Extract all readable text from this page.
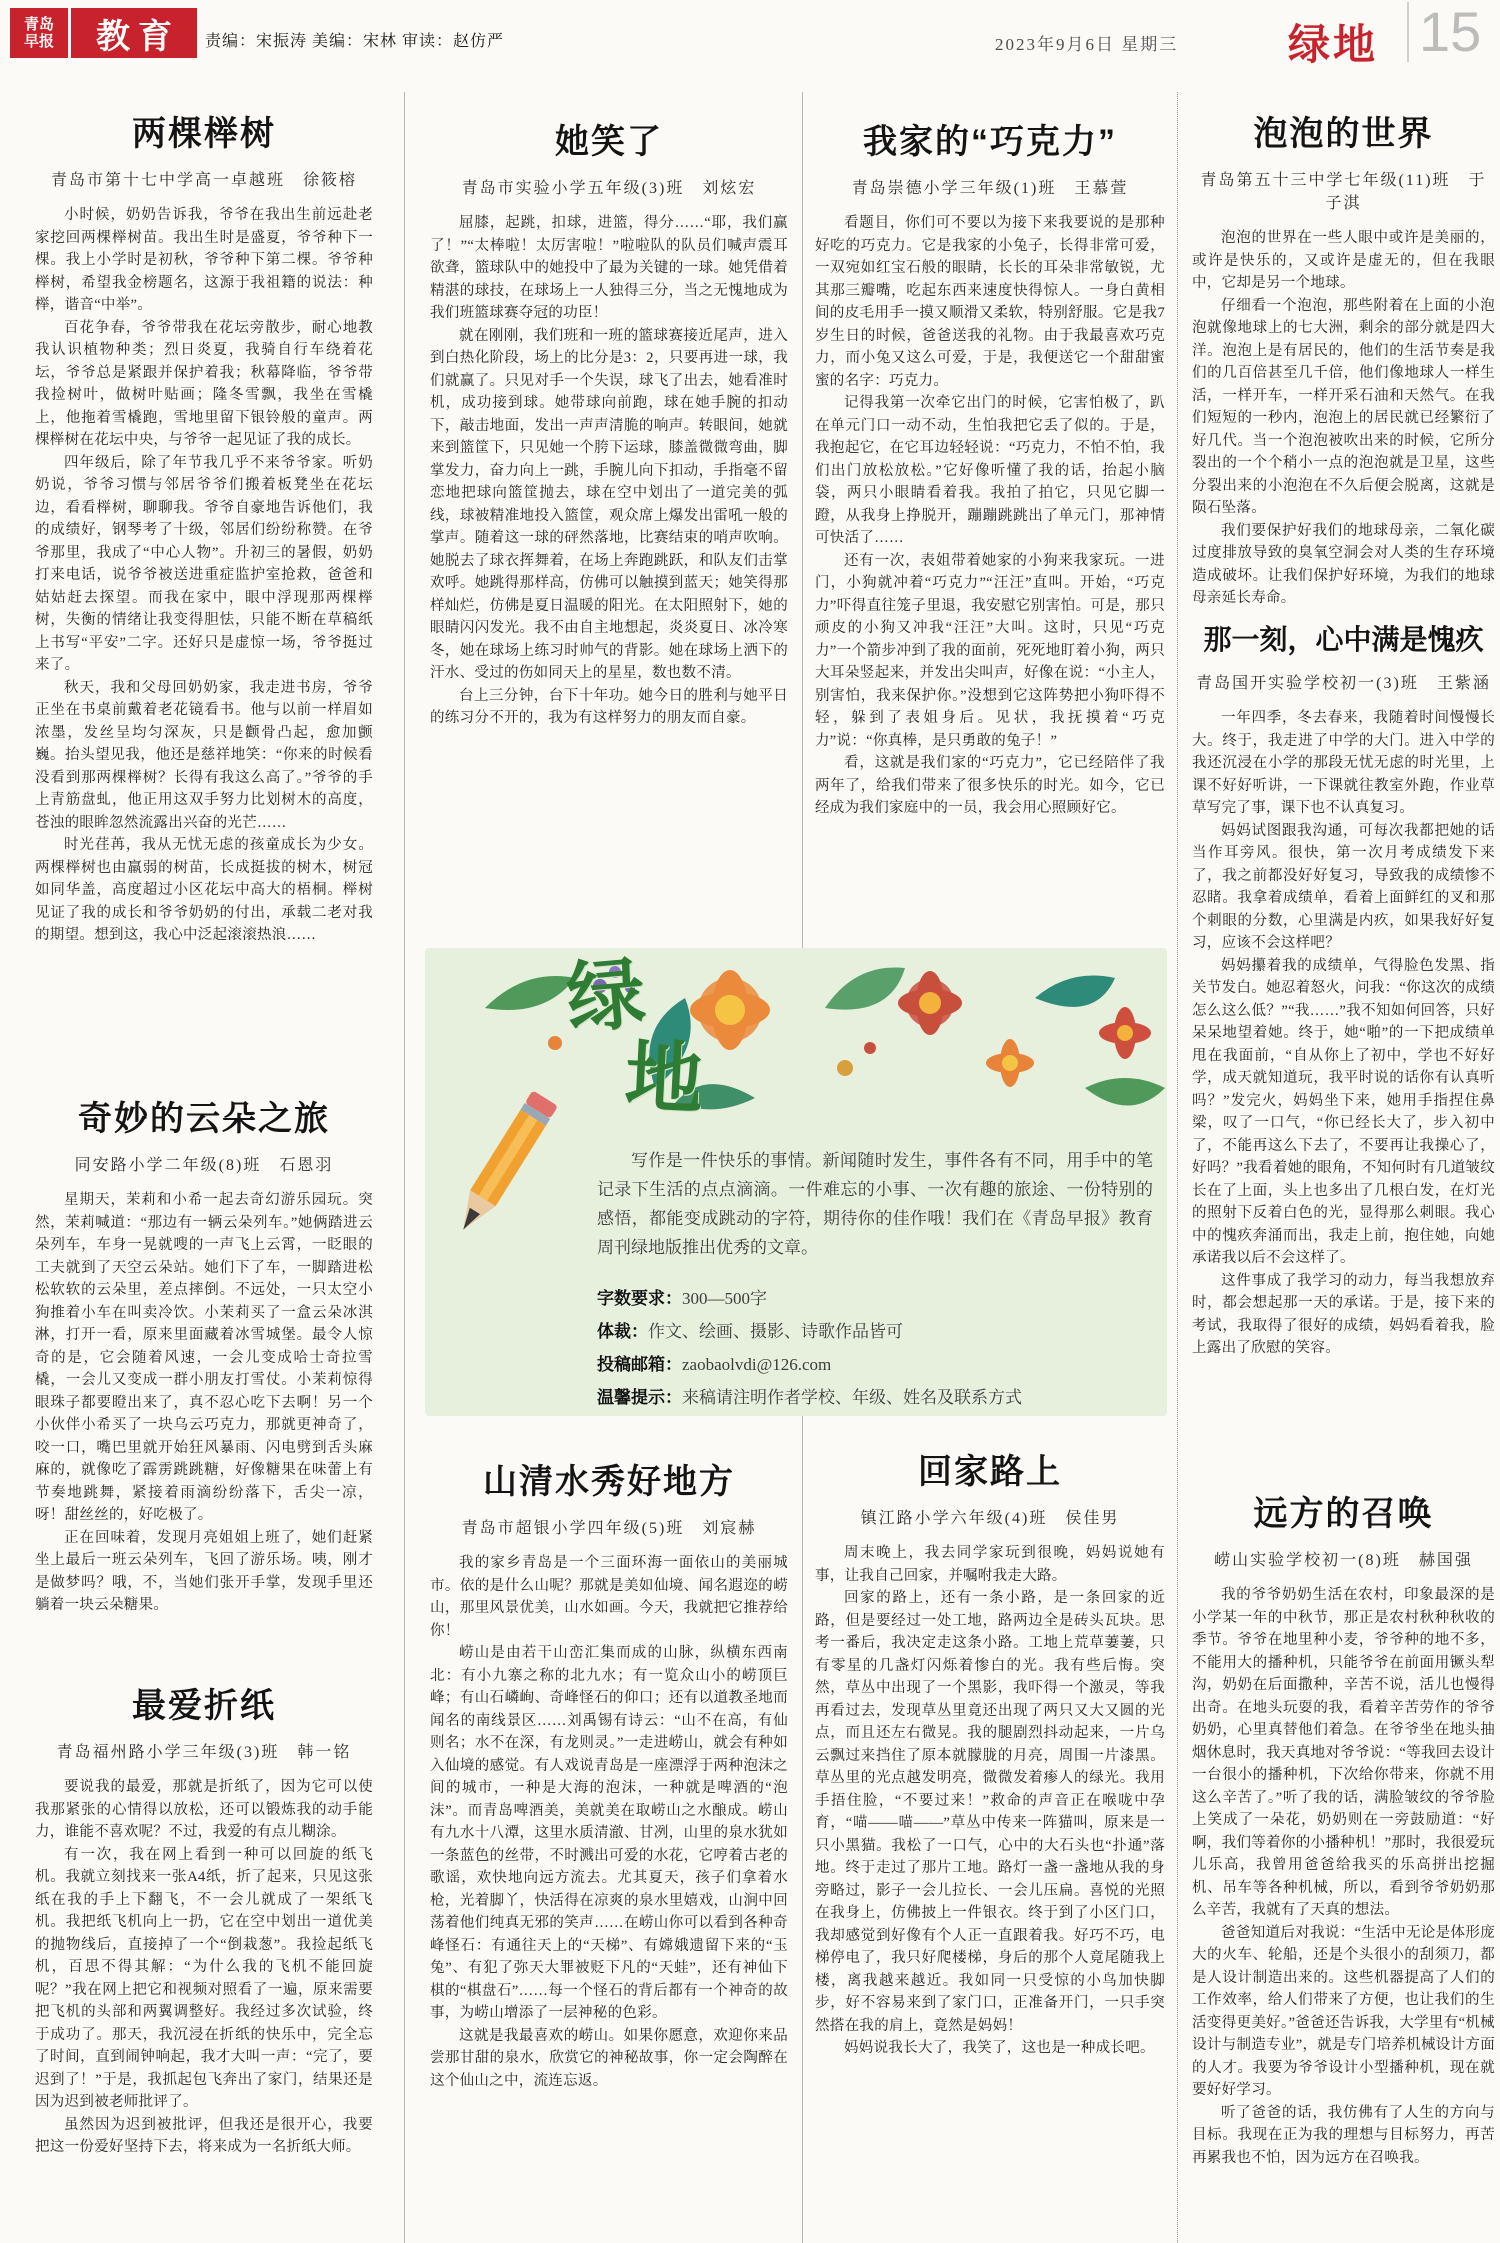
青岛
早报	教育	责编：宋振涛 美编：宋林 审读：赵仿严	2023年9月6日 星期三	绿地 15
两棵榉树
青岛市第十七中学高一卓越班　徐筱榕

小时候，奶奶告诉我，爷爷在我出生前远赴老家挖回两棵榉树苗。我出生时是盛夏，爷爷种下一棵。我上小学时是初秋，爷爷种下第二棵。爷爷种榉树，希望我金榜题名，这源于我祖籍的说法：种榉，谐音“中举”。

百花争春，爷爷带我在花坛旁散步，耐心地教我认识植物种类；烈日炎夏，我骑自行车绕着花坛，爷爷总是紧跟并保护着我；秋幕降临，爷爷带我捡树叶，做树叶贴画；隆冬雪飘，我坐在雪橇上，他拖着雪橇跑，雪地里留下银铃般的童声。两棵榉树在花坛中央，与爷爷一起见证了我的成长。

四年级后，除了年节我几乎不来爷爷家。听奶奶说，爷爷习惯与邻居爷爷们搬着板凳坐在花坛边，看看榉树，聊聊我。爷爷自豪地告诉他们，我的成绩好，钢琴考了十级，邻居们纷纷称赞。在爷爷那里，我成了“中心人物”。升初三的暑假，奶奶打来电话，说爷爷被送进重症监护室抢救，爸爸和姑姑赶去探望。而我在家中，眼中浮现那两棵榉树，失衡的情绪让我变得胆怯，只能不断在草稿纸上书写“平安”二字。还好只是虚惊一场，爷爷挺过来了。

秋天，我和父母回奶奶家，我走进书房，爷爷正坐在书桌前戴着老花镜看书。他与以前一样眉如浓墨，发丝呈均匀深灰，只是颧骨凸起，愈加颤巍。抬头望见我，他还是慈祥地笑：“你来的时候看没看到那两棵榉树？长得有我这么高了。”爷爷的手上青筋盘虬，他正用这双手努力比划树木的高度，苍浊的眼眸忽然流露出兴奋的光芒……

时光荏苒，我从无忧无虑的孩童成长为少女。两棵榉树也由羸弱的树苗，长成挺拔的树木，树冠如同华盖，高度超过小区花坛中高大的梧桐。榉树见证了我的成长和爷爷奶奶的付出，承载二老对我的期望。想到这，我心中泛起滚滚热浪……

奇妙的云朵之旅
同安路小学二年级(8)班　石恩羽

星期天，茉莉和小希一起去奇幻游乐园玩。突然，茉莉喊道：“那边有一辆云朵列车。”她俩踏进云朵列车，车身一晃就嗖的一声飞上云霄，一眨眼的工夫就到了天空云朵站。她们下了车，一脚踏进松松软软的云朵里，差点摔倒。不远处，一只太空小狗推着小车在叫卖冷饮。小茉莉买了一盒云朵冰淇淋，打开一看，原来里面藏着冰雪城堡。最令人惊奇的是，它会随着风速，一会儿变成哈士奇拉雪橇，一会儿又变成一群小朋友打雪仗。小茉莉惊得眼珠子都要瞪出来了，真不忍心吃下去啊！另一个小伙伴小希买了一块乌云巧克力，那就更神奇了，咬一口，嘴巴里就开始狂风暴雨、闪电劈到舌头麻麻的，就像吃了霹雳跳跳糖，好像糖果在味蕾上有节奏地跳舞，紧接着雨滴纷纷落下，舌尖一凉，呀！甜丝丝的，好吃极了。

正在回味着，发现月亮姐姐上班了，她们赶紧坐上最后一班云朵列车，飞回了游乐场。咦，刚才是做梦吗？哦，不，当她们张开手掌，发现手里还躺着一块云朵糖果。

最爱折纸
青岛福州路小学三年级(3)班　韩一铭

要说我的最爱，那就是折纸了，因为它可以使我那紧张的心情得以放松，还可以锻炼我的动手能力，谁能不喜欢呢？不过，我爱的有点儿糊涂。

有一次，我在网上看到一种可以回旋的纸飞机。我就立刻找来一张A4纸，折了起来，只见这张纸在我的手上下翻飞，不一会儿就成了一架纸飞机。我把纸飞机向上一扔，它在空中划出一道优美的抛物线后，直接掉了一个“倒栽葱”。我捡起纸飞机，百思不得其解：“为什么我的飞机不能回旋呢？”我在网上把它和视频对照看了一遍，原来需要把飞机的头部和两翼调整好。我经过多次试验，终于成功了。那天，我沉浸在折纸的快乐中，完全忘了时间，直到闹钟响起，我才大叫一声：“完了，要迟到了！”于是，我抓起包飞奔出了家门，结果还是因为迟到被老师批评了。

虽然因为迟到被批评，但我还是很开心，我要把这一份爱好坚持下去，将来成为一名折纸大师。

她笑了
青岛市实验小学五年级(3)班　刘炫宏

屈膝，起跳，扣球，进篮，得分……“耶，我们赢了！”“太棒啦！太厉害啦！”啦啦队的队员们喊声震耳欲聋，篮球队中的她投中了最为关键的一球。她凭借着精湛的球技，在球场上一人独得三分，当之无愧地成为我们班篮球赛夺冠的功臣！

就在刚刚，我们班和一班的篮球赛接近尾声，进入到白热化阶段，场上的比分是3：2，只要再进一球，我们就赢了。只见对手一个失误，球飞了出去，她看准时机，成功接到球。她带球向前跑，球在她手腕的扣动下，敲击地面，发出一声声清脆的响声。转眼间，她就来到篮筐下，只见她一个胯下运球，膝盖微微弯曲，脚掌发力，奋力向上一跳，手腕儿向下扣动，手指毫不留恋地把球向篮筐抛去，球在空中划出了一道完美的弧线，球被精准地投入篮筐，观众席上爆发出雷吼一般的掌声。随着这一球的砰然落地，比赛结束的哨声吹响。她脱去了球衣挥舞着，在场上奔跑跳跃，和队友们击掌欢呼。她跳得那样高，仿佛可以触摸到蓝天；她笑得那样灿烂，仿佛是夏日温暖的阳光。在太阳照射下，她的眼睛闪闪发光。我不由自主地想起，炎炎夏日、冰冷寒冬，她在球场上练习时帅气的背影。她在球场上洒下的汗水、受过的伤如同天上的星星，数也数不清。

台上三分钟，台下十年功。她今日的胜利与她平日的练习分不开的，我为有这样努力的朋友而自豪。

山清水秀好地方
青岛市超银小学四年级(5)班　刘宸赫

我的家乡青岛是一个三面环海一面依山的美丽城市。依的是什么山呢？那就是美如仙境、闻名遐迩的崂山，那里风景优美，山水如画。今天，我就把它推荐给你！

崂山是由若干山峦汇集而成的山脉，纵横东西南北：有小九寨之称的北九水；有一览众山小的崂顶巨峰；有山石嶙峋、奇峰怪石的仰口；还有以道教圣地而闻名的南线景区……刘禹锡有诗云：“山不在高，有仙则名；水不在深，有龙则灵。”一走进崂山，就会有种如入仙境的感觉。有人戏说青岛是一座漂浮于两种泡沫之间的城市，一种是大海的泡沫，一种就是啤酒的“泡沫”。而青岛啤酒美，美就美在取崂山之水酿成。崂山有九水十八潭，这里水质清澈、甘冽，山里的泉水犹如一条蓝色的丝带，不时溅出可爱的水花，它哼着古老的歌谣，欢快地向远方流去。尤其夏天，孩子们拿着水枪，光着脚丫，快活得在凉爽的泉水里嬉戏，山涧中回荡着他们纯真无邪的笑声……在崂山你可以看到各种奇峰怪石：有通往天上的“天梯”、有嫦娥遗留下来的“玉兔”、有犯了弥天大罪被贬下凡的“天蛙”，还有神仙下棋的“棋盘石”……每一个怪石的背后都有一个神奇的故事，为崂山增添了一层神秘的色彩。

这就是我最喜欢的崂山。如果你愿意，欢迎你来品尝那甘甜的泉水，欣赏它的神秘故事，你一定会陶醉在这个仙山之中，流连忘返。

我家的“巧克力”
青岛崇德小学三年级(1)班　王慕萱

看题目，你们可不要以为接下来我要说的是那种好吃的巧克力。它是我家的小兔子，长得非常可爱，一双宛如红宝石般的眼睛，长长的耳朵非常敏锐，尤其那三瓣嘴，吃起东西来速度快得惊人。一身白黄相间的皮毛用手一摸又顺滑又柔软，特别舒服。它是我7岁生日的时候，爸爸送我的礼物。由于我最喜欢巧克力，而小兔又这么可爱，于是，我便送它一个甜甜蜜蜜的名字：巧克力。

记得我第一次牵它出门的时候，它害怕极了，趴在单元门口一动不动，生怕我把它丢了似的。于是，我抱起它，在它耳边轻轻说：“巧克力，不怕不怕，我们出门放松放松。”它好像听懂了我的话，抬起小脑袋，两只小眼睛看着我。我拍了拍它，只见它脚一蹬，从我身上挣脱开，蹦蹦跳跳出了单元门，那神情可快活了……

还有一次，表姐带着她家的小狗来我家玩。一进门，小狗就冲着“巧克力”“汪汪”直叫。开始，“巧克力”吓得直往笼子里退，我安慰它别害怕。可是，那只顽皮的小狗又冲我“汪汪”大叫。这时，只见“巧克力”一个箭步冲到了我的面前，死死地盯着小狗，两只大耳朵竖起来，并发出尖叫声，好像在说：“小主人，别害怕，我来保护你。”没想到它这阵势把小狗吓得不轻，躲到了表姐身后。见状，我抚摸着“巧克力”说：“你真棒，是只勇敢的兔子！”

看，这就是我们家的“巧克力”，它已经陪伴了我两年了，给我们带来了很多快乐的时光。如今，它已经成为我们家庭中的一员，我会用心照顾好它。

回家路上
镇江路小学六年级(4)班　侯佳男

周末晚上，我去同学家玩到很晚，妈妈说她有事，让我自己回家，并嘱咐我走大路。

回家的路上，还有一条小路，是一条回家的近路，但是要经过一处工地，路两边全是砖头瓦块。思考一番后，我决定走这条小路。工地上荒草萋萋，只有零星的几盏灯闪烁着惨白的光。我有些后悔。突然，草丛中出现了一个黑影，我吓得一个激灵，等我再看过去，发现草丛里竟还出现了两只又大又圆的光点，而且还左右微晃。我的腿剧烈抖动起来，一片乌云飘过来挡住了原本就朦胧的月亮，周围一片漆黑。草丛里的光点越发明亮，微微发着瘆人的绿光。我用手捂住脸，“不要过来！”救命的声音正在喉咙中孕育，“喵——喵——”草丛中传来一阵猫叫，原来是一只小黑猫。我松了一口气，心中的大石头也“扑通”落地。终于走过了那片工地。路灯一盏一盏地从我的身旁略过，影子一会儿拉长、一会儿压扁。喜悦的光照在我身上，仿佛披上一件银衣。终于到了小区门口，我却感觉到好像有个人正一直跟着我。好巧不巧，电梯停电了，我只好爬楼梯，身后的那个人竟尾随我上楼，离我越来越近。我如同一只受惊的小鸟加快脚步，好不容易来到了家门口，正准备开门，一只手突然搭在我的肩上，竟然是妈妈！

妈妈说我长大了，我笑了，这也是一种成长吧。

泡泡的世界
青岛第五十三中学七年级(11)班　于子淇

泡泡的世界在一些人眼中或许是美丽的，或许是快乐的，又或许是虚无的，但在我眼中，它却是另一个地球。

仔细看一个泡泡，那些附着在上面的小泡泡就像地球上的七大洲，剩余的部分就是四大洋。泡泡上是有居民的，他们的生活节奏是我们的几百倍甚至几千倍，他们像地球人一样生活，一样开车，一样开采石油和天然气。在我们短短的一秒内，泡泡上的居民就已经繁衍了好几代。当一个泡泡被吹出来的时候，它所分裂出的一个个稍小一点的泡泡就是卫星，这些分裂出来的小泡泡在不久后便会脱离，这就是陨石坠落。

我们要保护好我们的地球母亲，二氧化碳过度排放导致的臭氧空洞会对人类的生存环境造成破坏。让我们保护好环境，为我们的地球母亲延长寿命。

那一刻，心中满是愧疚
青岛国开实验学校初一(3)班　王紫涵

一年四季，冬去春来，我随着时间慢慢长大。终于，我走进了中学的大门。进入中学的我还沉浸在小学的那段无忧无虑的时光里，上课不好好听讲，一下课就往教室外跑，作业草草写完了事，课下也不认真复习。

妈妈试图跟我沟通，可每次我都把她的话当作耳旁风。很快，第一次月考成绩发下来了，我之前都没好好复习，导致我的成绩惨不忍睹。我拿着成绩单，看着上面鲜红的叉和那个刺眼的分数，心里满是内疚，如果我好好复习，应该不会这样吧？

妈妈攥着我的成绩单，气得脸色发黑、指关节发白。她忍着怒火，问我：“你这次的成绩怎么这么低？”“我……”我不知如何回答，只好呆呆地望着她。终于，她“啪”的一下把成绩单甩在我面前，“自从你上了初中，学也不好好学，成天就知道玩，我平时说的话你有认真听吗？”发完火，妈妈坐下来，她用手指捏住鼻梁，叹了一口气，“你已经长大了，步入初中了，不能再这么下去了，不要再让我操心了，好吗？”我看着她的眼角，不知何时有几道皱纹长在了上面，头上也多出了几根白发，在灯光的照射下反着白色的光，显得那么刺眼。我心中的愧疚奔涌而出，我走上前，抱住她，向她承诺我以后不会这样了。

这件事成了我学习的动力，每当我想放弃时，都会想起那一天的承诺。于是，接下来的考试，我取得了很好的成绩，妈妈看着我，脸上露出了欣慰的笑容。

远方的召唤
崂山实验学校初一(8)班　赫国强

我的爷爷奶奶生活在农村，印象最深的是小学某一年的中秋节，那正是农村秋种秋收的季节。爷爷在地里种小麦，爷爷种的地不多，不能用大的播种机，只能爷爷在前面用镢头犁沟，奶奶在后面撒种，辛苦不说，活儿也慢得出奇。在地头玩耍的我，看着辛苦劳作的爷爷奶奶，心里真替他们着急。在爷爷坐在地头抽烟休息时，我天真地对爷爷说：“等我回去设计一台很小的播种机，下次给你带来，你就不用这么辛苦了。”听了我的话，满脸皱纹的爷爷脸上笑成了一朵花，奶奶则在一旁鼓励道：“好啊，我们等着你的小播种机！”那时，我很爱玩儿乐高，我曾用爸爸给我买的乐高拼出挖掘机、吊车等各种机械，所以，看到爷爷奶奶那么辛苦，我就有了天真的想法。

爸爸知道后对我说：“生活中无论是体形庞大的火车、轮船，还是个头很小的刮须刀，都是人设计制造出来的。这些机器提高了人们的工作效率，给人们带来了方便，也让我们的生活变得更美好。”爸爸还告诉我，大学里有“机械设计与制造专业”，就是专门培养机械设计方面的人才。我要为爷爷设计小型播种机，现在就要好好学习。

听了爸爸的话，我仿佛有了人生的方向与目标。我现在正为我的理想与目标努力，再苦再累我也不怕，因为远方在召唤我。

绿
地
写作是一件快乐的事情。新闻随时发生，事件各有不同，用手中的笔记录下生活的点点滴滴。一件难忘的小事、一次有趣的旅途、一份特别的感悟，都能变成跳动的字符，期待你的佳作哦！我们在《青岛早报》教育周刊绿地版推出优秀的文章。
字数要求：300—500字
体裁：作文、绘画、摄影、诗歌作品皆可
投稿邮箱：zaobaolvdi@126.com
温馨提示：来稿请注明作者学校、年级、姓名及联系方式
